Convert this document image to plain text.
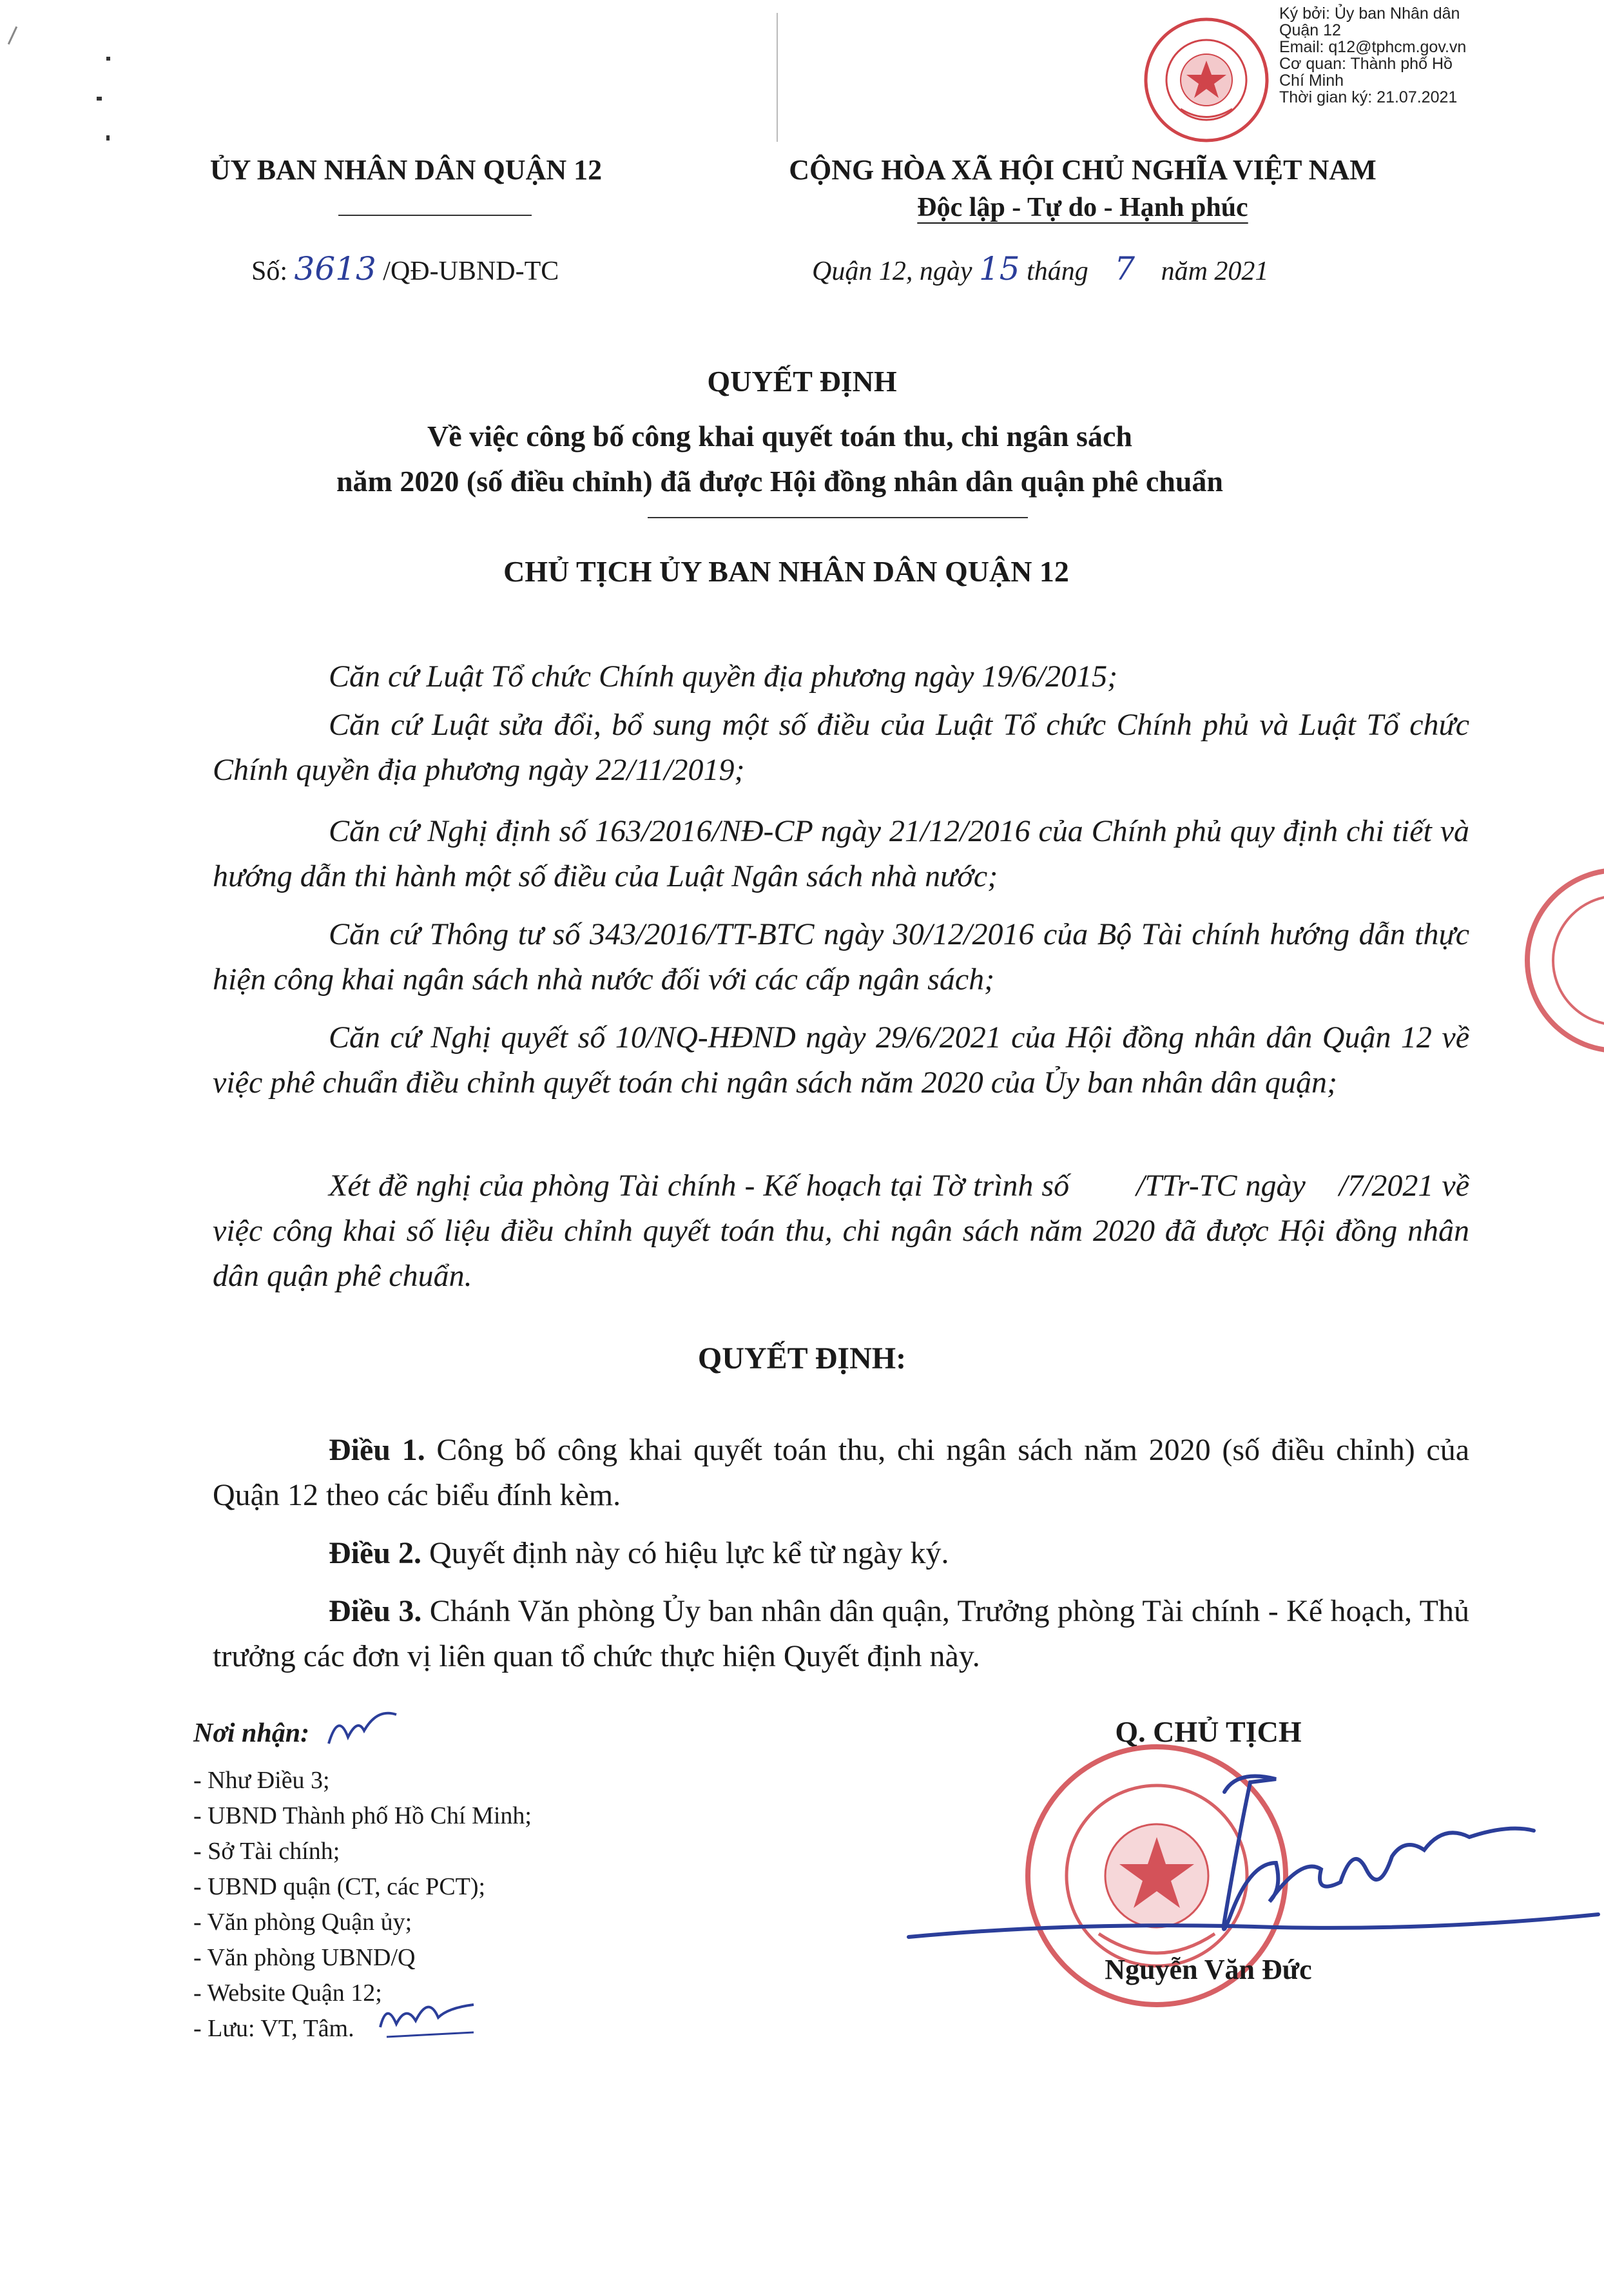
Ký bởi: Ủy ban Nhân dân
Quận 12
Email: q12@tphcm.gov.vn
Cơ quan: Thành phố Hồ
Chí Minh
Thời gian ký: 21.07.2021
ỦY BAN NHÂN DÂN QUẬN 12
Số: 3613 /QĐ-UBND-TC
CỘNG HÒA XÃ HỘI CHỦ NGHĨA VIỆT NAM
Độc lập - Tự do - Hạnh phúc
Quận 12, ngày 15 tháng 7 năm 2021
QUYẾT ĐỊNH
Về việc công bố công khai quyết toán thu, chi ngân sách
năm 2020 (số điều chỉnh) đã được Hội đồng nhân dân quận phê chuẩn
CHỦ TỊCH ỦY BAN NHÂN DÂN QUẬN 12
Căn cứ Luật Tổ chức Chính quyền địa phương ngày 19/6/2015;
Căn cứ Luật sửa đổi, bổ sung một số điều của Luật Tổ chức Chính phủ và Luật Tổ chức Chính quyền địa phương ngày 22/11/2019;
Căn cứ Nghị định số 163/2016/NĐ-CP ngày 21/12/2016 của Chính phủ quy định chi tiết và hướng dẫn thi hành một số điều của Luật Ngân sách nhà nước;
Căn cứ Thông tư số 343/2016/TT-BTC ngày 30/12/2016 của Bộ Tài chính hướng dẫn thực hiện công khai ngân sách nhà nước đối với các cấp ngân sách;
Căn cứ Nghị quyết số 10/NQ-HĐND ngày 29/6/2021 của Hội đồng nhân dân Quận 12 về việc phê chuẩn điều chỉnh quyết toán chi ngân sách năm 2020 của Ủy ban nhân dân quận;
Xét đề nghị của phòng Tài chính - Kế hoạch tại Tờ trình số        /TTr-TC ngày    /7/2021 về việc công khai số liệu điều chỉnh quyết toán thu, chi ngân sách năm 2020 đã được Hội đồng nhân dân quận phê chuẩn.
QUYẾT ĐỊNH:
Điều 1. Công bố công khai quyết toán thu, chi ngân sách năm 2020 (số điều chỉnh) của Quận 12 theo các biểu đính kèm.
Điều 2. Quyết định này có hiệu lực kể từ ngày ký.
Điều 3. Chánh Văn phòng Ủy ban nhân dân quận, Trưởng phòng Tài chính - Kế hoạch, Thủ trưởng các đơn vị liên quan tổ chức thực hiện Quyết định này.
Nơi nhận:
- Như Điều 3;
- UBND Thành phố Hồ Chí Minh;
- Sở Tài chính;
- UBND quận (CT, các PCT);
- Văn phòng Quận ủy;
- Văn phòng UBND/Q
- Website Quận 12;
- Lưu: VT, Tâm.
Q. CHỦ TỊCH
Nguyễn Văn Đức
